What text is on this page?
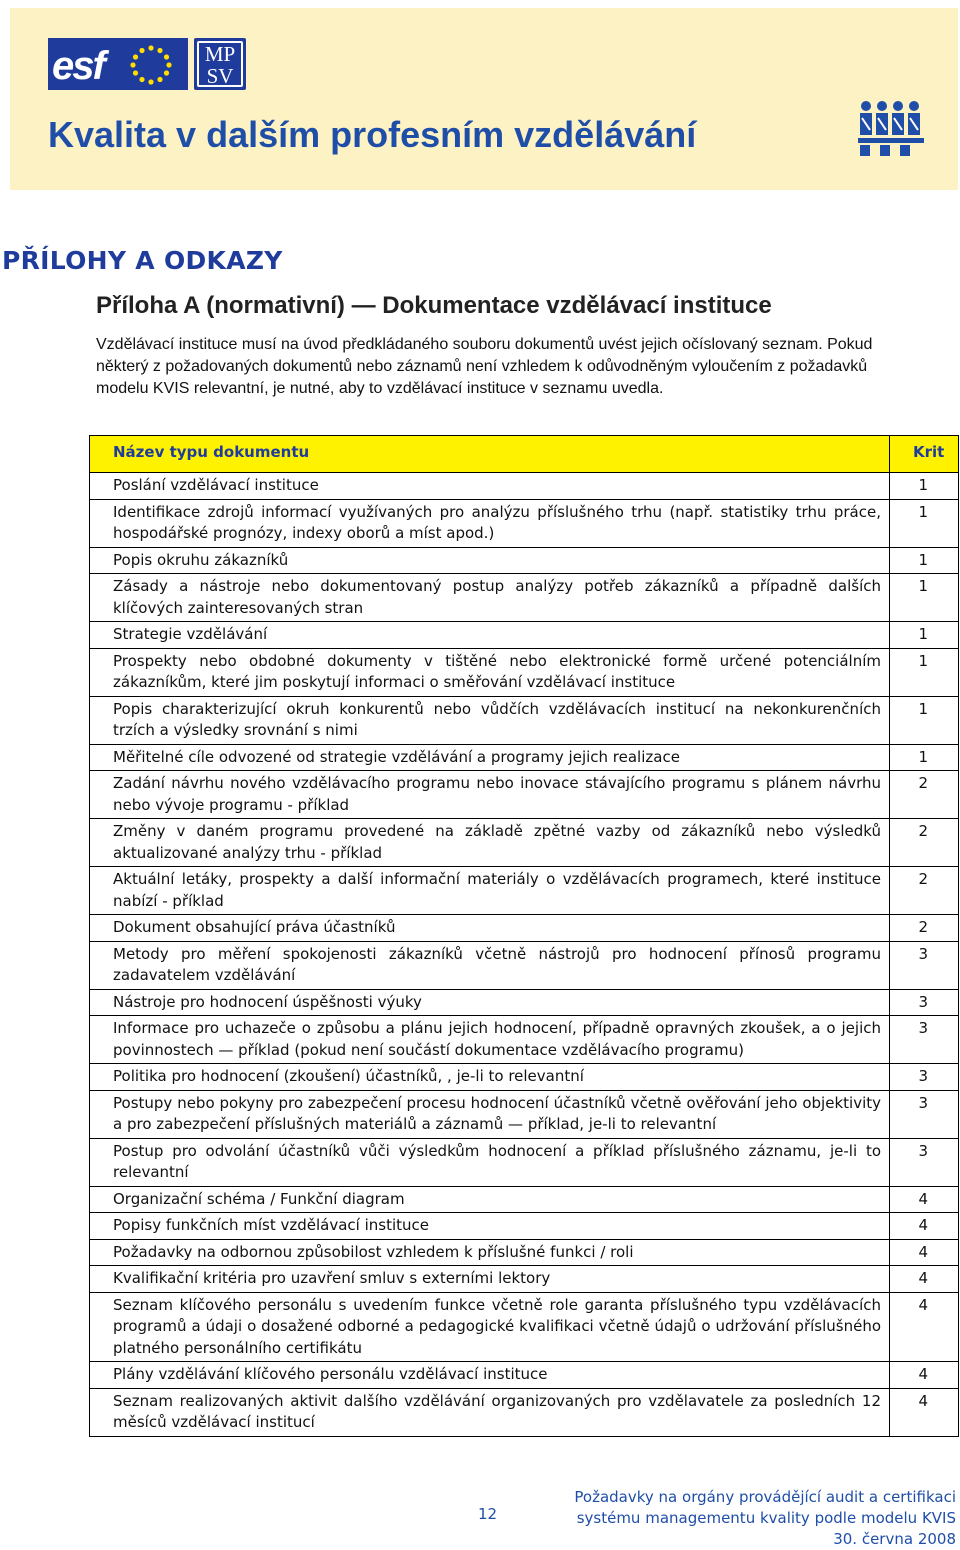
esf	MP
SV
Kvalita v dalším profesním vzdělávání
PŘÍLOHY A ODKAZY
Příloha A (normativní) — Dokumentace vzdělávací instituce

Vzdělávací instituce musí na úvod předkládaného souboru dokumentů uvést jejich očíslovaný seznam. Pokud

některý z požadovaných dokumentů nebo záznamů není vzhledem k odůvodněným vyloučením z požadavků

modelu KVIS relevantní, je nutné, aby to vzdělávací instituce v seznamu uvedla.

Název typu dokumentu	Krit
Poslání vzdělávací instituce	1
Identifikace zdrojů informací využívaných pro analýzu příslušného trhu (např. statistiky trhu práce, hospodářské prognózy, indexy oborů a míst apod.)	1
Popis okruhu zákazníků	1
Zásady a nástroje nebo dokumentovaný postup analýzy potřeb zákazníků a případně dalších klíčových zainteresovaných stran	1
Strategie vzdělávání	1
Prospekty nebo obdobné dokumenty v tištěné nebo elektronické formě určené potenciálním zákazníkům, které jim poskytují informaci o směřování vzdělávací instituce	1
Popis charakterizující okruh konkurentů nebo vůdčích vzdělávacích institucí na nekonkurenčních trzích a výsledky srovnání s nimi	1
Měřitelné cíle odvozené od strategie vzdělávání a programy jejich realizace	1
Zadání návrhu nového vzdělávacího programu nebo inovace stávajícího programu s plánem návrhu nebo vývoje programu - příklad	2
Změny v daném programu provedené na základě zpětné vazby od zákazníků nebo výsledků aktualizované analýzy trhu - příklad	2
Aktuální letáky, prospekty a další informační materiály o vzdělávacích programech, které instituce nabízí - příklad	2
Dokument obsahující práva účastníků	2
Metody pro měření spokojenosti zákazníků včetně nástrojů pro hodnocení přínosů programu zadavatelem vzdělávání	3
Nástroje pro hodnocení úspěšnosti výuky	3
Informace pro uchazeče o způsobu a plánu jejich hodnocení, případně opravných zkoušek, a o jejich povinnostech — příklad (pokud není součástí dokumentace vzdělávacího programu)	3
Politika pro hodnocení (zkoušení) účastníků, , je-li to relevantní	3
Postupy nebo pokyny pro zabezpečení procesu hodnocení účastníků včetně ověřování jeho objektivity a pro zabezpečení příslušných materiálů a záznamů — příklad, je-li to relevantní	3
Postup pro odvolání účastníků vůči výsledkům hodnocení a příklad příslušného záznamu, je-li to relevantní	3
Organizační schéma / Funkční diagram	4
Popisy funkčních míst vzdělávací instituce	4
Požadavky na odbornou způsobilost vzhledem k příslušné funkci / roli	4
Kvalifikační kritéria pro uzavření smluv s externími lektory	4
Seznam klíčového personálu s uvedením funkce včetně role garanta příslušného typu vzdělávacích programů a údaji o dosažené odborné a pedagogické kvalifikaci včetně údajů o udržování příslušného platného personálního certifikátu	4
Plány vzdělávání klíčového personálu vzdělávací instituce	4
Seznam realizovaných aktivit dalšího vzdělávání organizovaných pro vzdělavatele za posledních 12 měsíců vzdělávací institucí	4
12
Požadavky na orgány provádějící audit a certifikaci
systému managementu kvality podle modelu KVIS
30. června 2008
